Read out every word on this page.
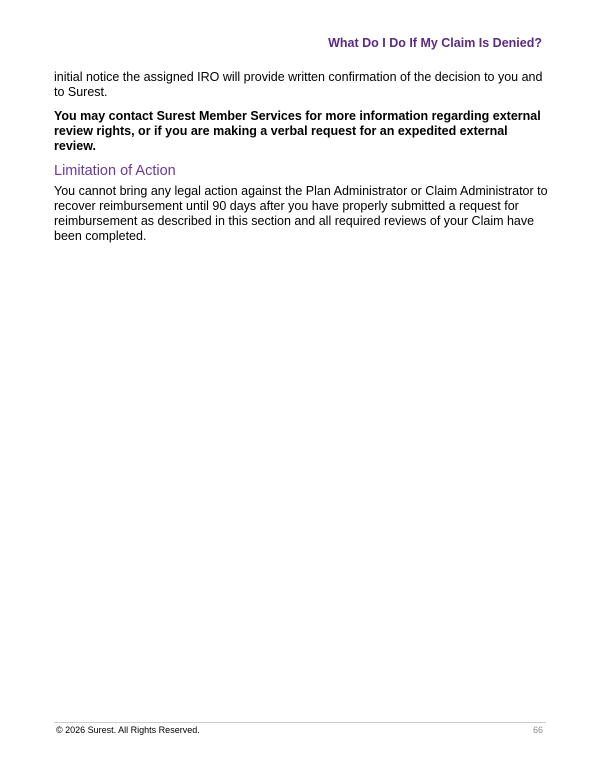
What Do I Do If My Claim Is Denied?

initial notice the assigned IRO will provide written confirmation of the decision to you and to Surest.

You may contact Surest Member Services for more information regarding external review rights, or if you are making a verbal request for an expedited external review.

Limitation of Action

You cannot bring any legal action against the Plan Administrator or Claim Administrator to recover reimbursement until 90 days after you have properly submitted a request for reimbursement as described in this section and all required reviews of your Claim have been completed.

© 2026 Surest. All Rights Reserved.	66
